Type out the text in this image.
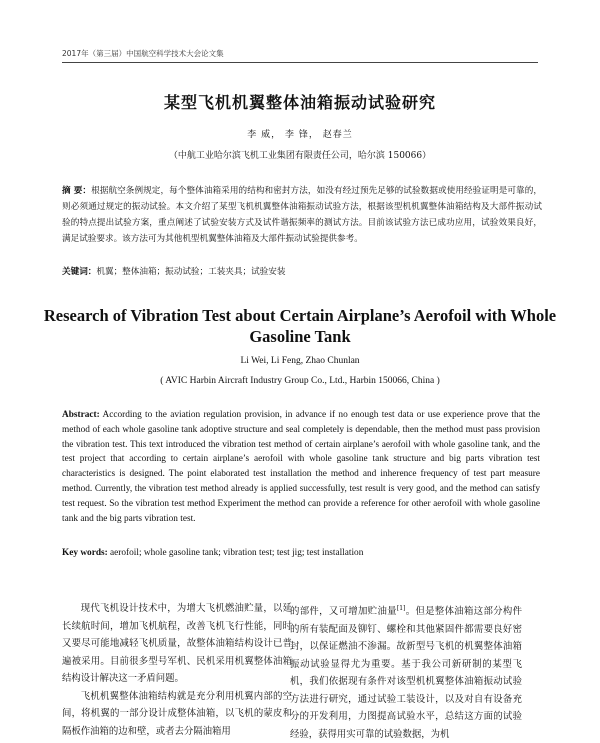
2017年（第三届）中国航空科学技术大会论文集
某型飞机机翼整体油箱振动试验研究
李 威， 李 锋， 赵春兰
（中航工业哈尔滨飞机工业集团有限责任公司，哈尔滨 150066）
摘 要：根据航空条例规定，每个整体油箱采用的结构和密封方法，如没有经过预先足够的试验数据或使用经验证明是可靠的，则必须通过规定的振动试验。本文介绍了某型飞机机翼整体油箱振动试验方法，根据该型机机翼整体油箱结构及大部件振动试验的特点提出试验方案，重点阐述了试验安装方式及试件谐振频率的测试方法。目前该试验方法已成功应用，试验效果良好，满足试验要求。该方法可为其他机型机翼整体油箱及大部件振动试验提供参考。
关键词：机翼；整体油箱；振动试验；工装夹具；试验安装
Research of Vibration Test about Certain Airplane’s Aerofoil with Whole Gasoline Tank
Li Wei, Li Feng, Zhao Chunlan
( AVIC Harbin Aircraft Industry Group Co., Ltd., Harbin 150066, China )
Abstract: According to the aviation regulation provision, in advance if no enough test data or use experience prove that the method of each whole gasoline tank adoptive structure and seal completely is dependable, then the method must pass provision the vibration test. This text introduced the vibration test method of certain airplane’s aerofoil with whole gasoline tank, and the test project that according to certain airplane’s aerofoil with whole gasoline tank structure and big parts vibration test characteristics is designed. The point elaborated test installation the method and inherence frequency of test part measure method. Currently, the vibration test method already is applied successfully, test result is very good, and the method can satisfy test request. So the vibration test method Experiment the method can provide a reference for other aerofoil with whole gasoline tank and the big parts vibration test.
Key words: aerofoil; whole gasoline tank; vibration test; test jig; test installation
现代飞机设计技术中，为增大飞机燃油贮量，以延长续航时间，增加飞机航程，改善飞机飞行性能，同时又要尽可能地减轻飞机质量，故整体油箱结构设计已普遍被采用。目前很多型号军机、民机采用机翼整体油箱结构设计解决这一矛盾问题。
飞机机翼整体油箱结构就是充分利用机翼内部的空间，将机翼的一部分设计成整体油箱，以飞机的蒙皮和隔板作油箱的边和壁，或者去分隔油箱用
的部件，又可增加贮油量[1]。但是整体油箱这部分构件的所有装配面及铆钉、螺栓和其他紧固件都需要良好密封，以保证燃油不渗漏。故新型号飞机的机翼整体油箱振动试验显得尤为重要。基于我公司新研制的某型飞机，我们依据现有条件对该型机机翼整体油箱振动试验方法进行研究，通过试验工装设计，以及对自有设备充分的开发利用，力图提高试验水平，总结这方面的试验经验，获得用实可靠的试验数据，为机
